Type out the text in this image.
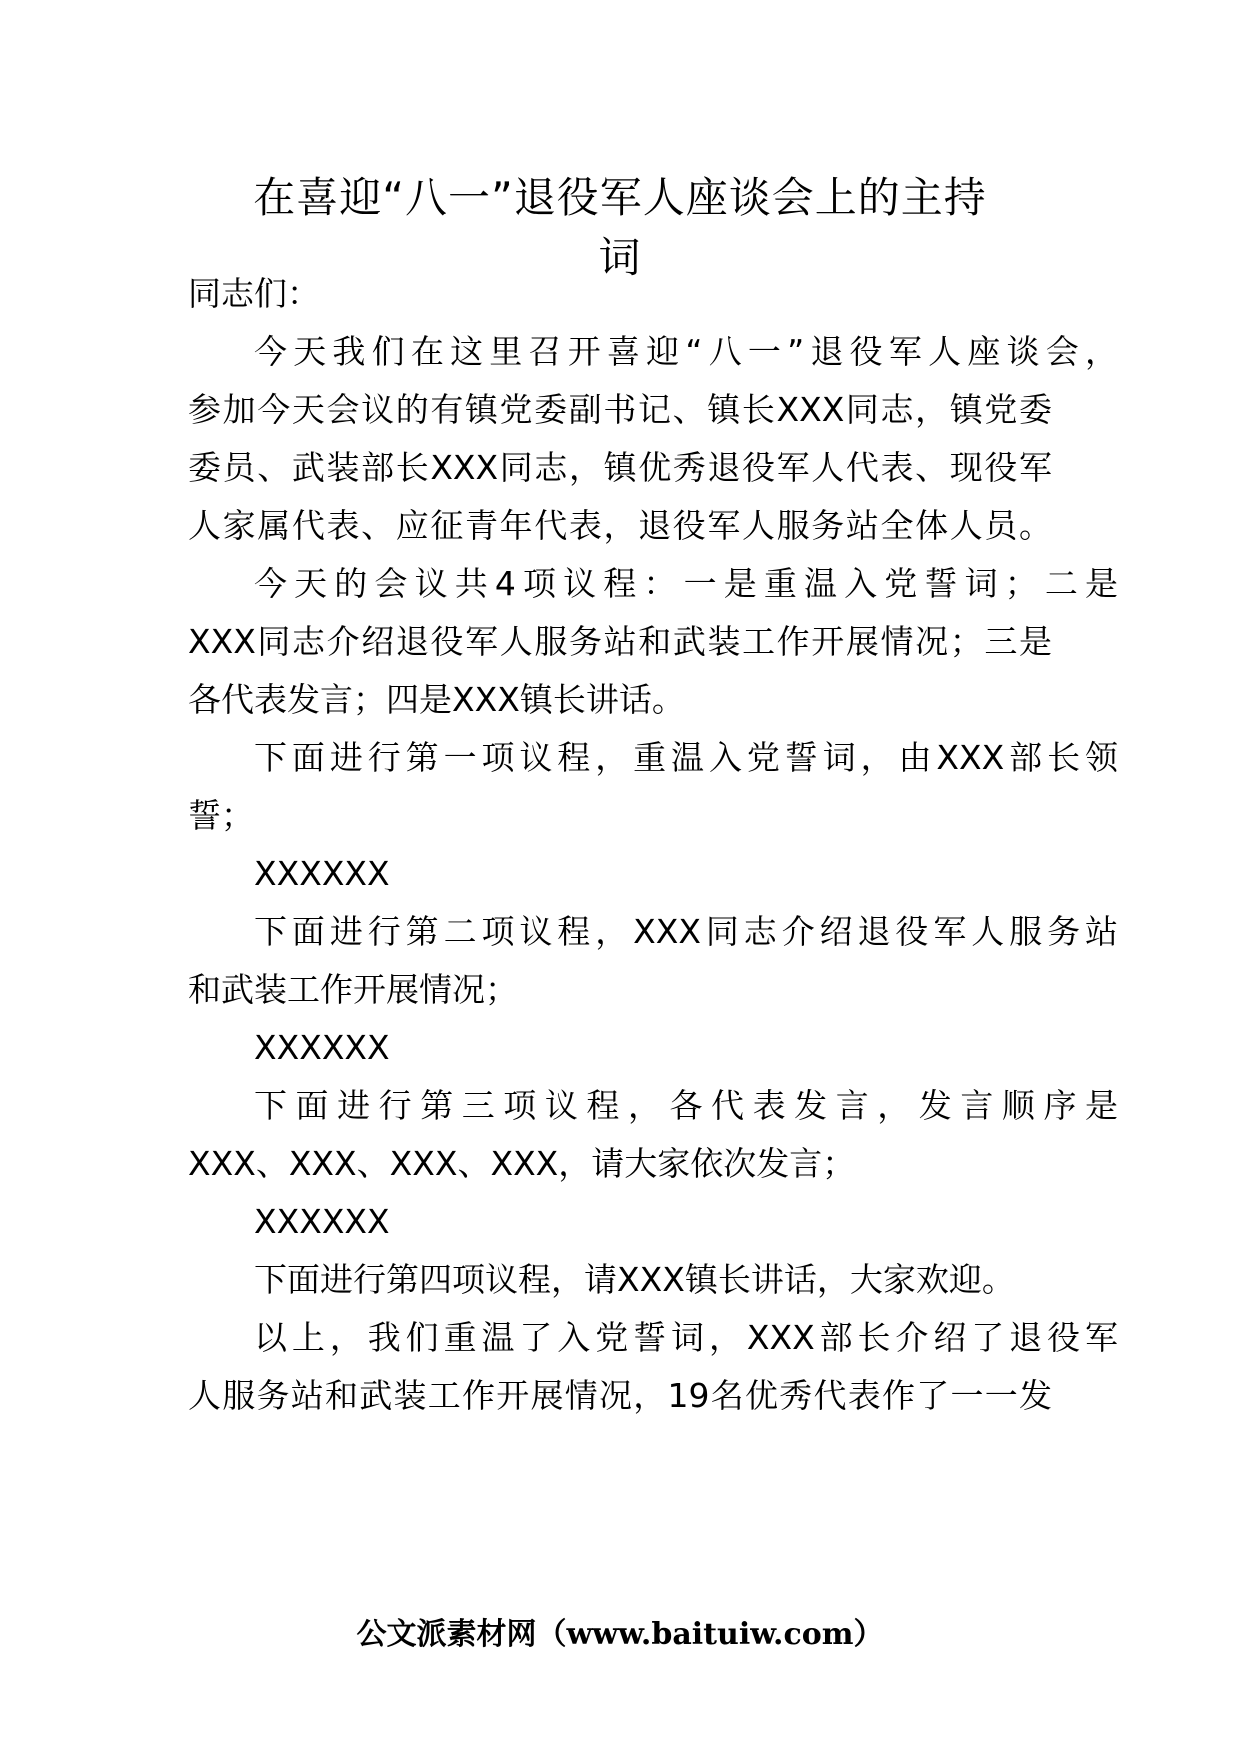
在喜迎“八一”退役军人座谈会上的主持
词
同志们：
今天我们在这里召开喜迎“八一”退役军人座谈会，
参加今天会议的有镇党委副书记、镇长XXX同志，镇党委
委员、武装部长XXX同志，镇优秀退役军人代表、现役军
人家属代表、应征青年代表，退役军人服务站全体人员。
今天的会议共4项议程：一是重温入党誓词；二是
XXX同志介绍退役军人服务站和武装工作开展情况；三是
各代表发言；四是XXX镇长讲话。
下面进行第一项议程，重温入党誓词，由XXX部长领
誓；
XXXXXX
下面进行第二项议程，XXX同志介绍退役军人服务站
和武装工作开展情况；
XXXXXX
下面进行第三项议程，各代表发言，发言顺序是
XXX、XXX、XXX、XXX，请大家依次发言；
XXXXXX
下面进行第四项议程，请XXX镇长讲话，大家欢迎。
以上，我们重温了入党誓词，XXX部长介绍了退役军
人服务站和武装工作开展情况，19名优秀代表作了一一发
公文派素材网（www.baituiw.com）
